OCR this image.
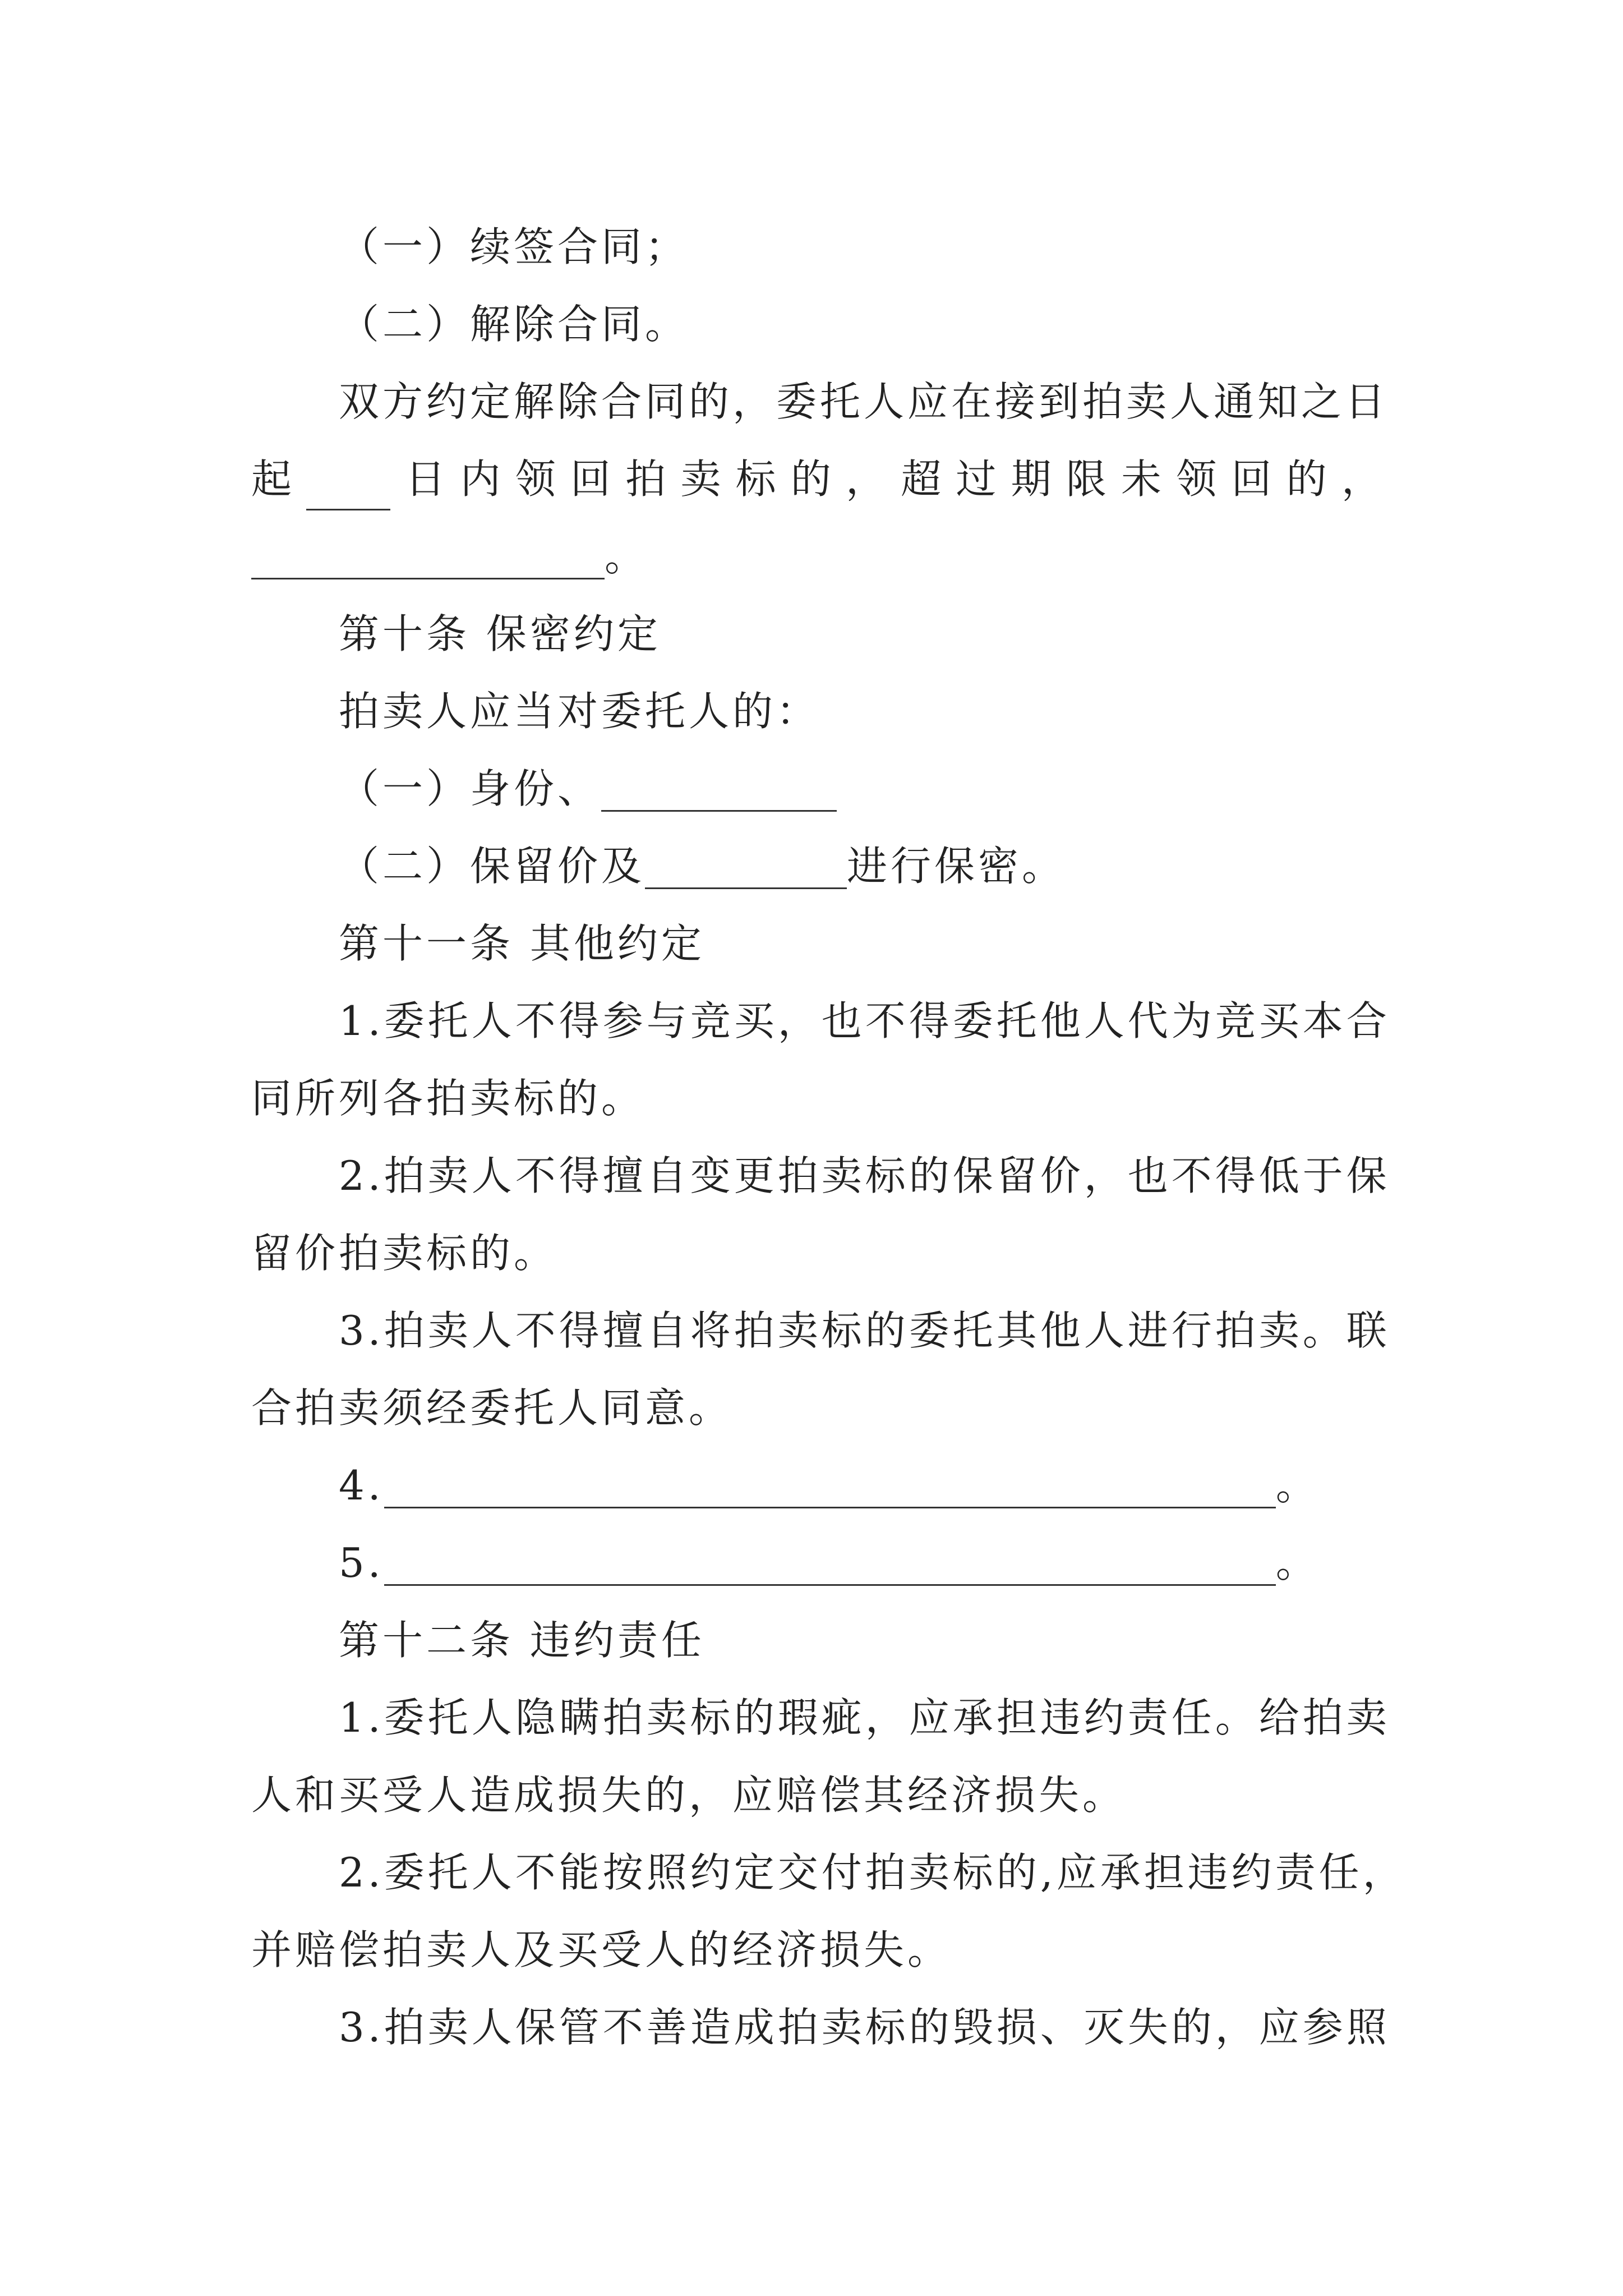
（一）续签合同；
（二）解除合同。
双方约定解除合同的，委托人应在接到拍卖人通知之日
起	日 内 领 回 拍 卖 标 的 ， 超 过 期 限 未 领 回 的 ，
。
第十条 保密约定
拍卖人应当对委托人的：
（一）身份、
（二）保留价及	进行保密。
第十一条 其他约定
1.委托人不得参与竞买，也不得委托他人代为竞买本合
同所列各拍卖标的。
2.拍卖人不得擅自变更拍卖标的保留价，也不得低于保
留价拍卖标的。
3.拍卖人不得擅自将拍卖标的委托其他人进行拍卖。联
合拍卖须经委托人同意。
4.	。
5.	。
第十二条 违约责任
1.委托人隐瞒拍卖标的瑕疵，应承担违约责任。给拍卖
人和买受人造成损失的，应赔偿其经济损失。
2.委托人不能按照约定交付拍卖标的,应承担违约责任，
并赔偿拍卖人及买受人的经济损失。
3.拍卖人保管不善造成拍卖标的毁损、灭失的，应参照
